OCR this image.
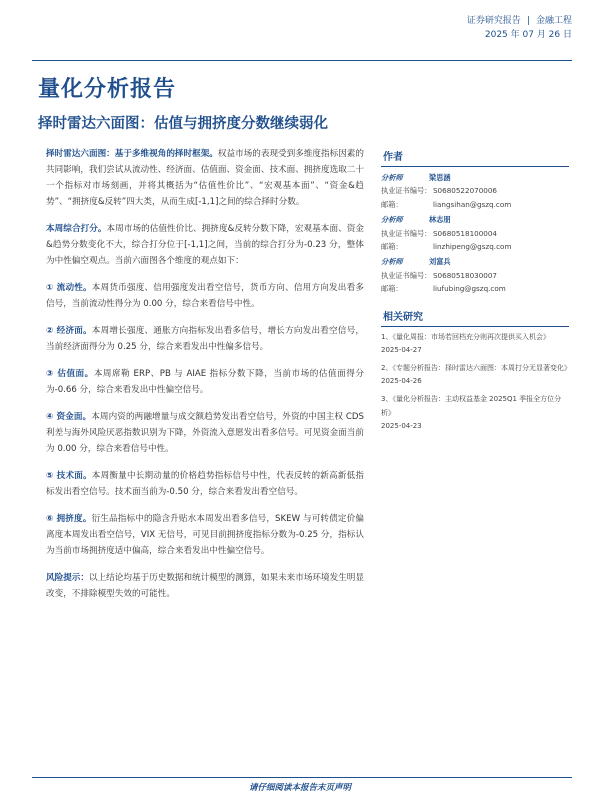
证券研究报告 | 金融工程
2025 年 07 月 26 日
量化分析报告
择时雷达六面图：估值与拥挤度分数继续弱化

择时雷达六面图：基于多维视角的择时框架。权益市场的表现受到多维度指标因素的共同影响，我们尝试从流动性、经济面、估值面、资金面、技术面、拥挤度选取二十一个指标对市场刻画，并将其概括为“估值性价比”、“宏观基本面”、“资金&趋势”、“拥挤度&反转”四大类，从而生成[-1,1]之间的综合择时分数。

本周综合打分。本周市场的估值性价比、拥挤度&反转分数下降，宏观基本面、资金&趋势分数变化不大，综合打分位于[-1,1]之间，当前的综合打分为-0.23 分，整体为中性偏空观点。当前六面图各个维度的观点如下：

① 流动性。本周货币强度、信用强度发出看空信号，货币方向、信用方向发出看多信号，当前流动性得分为 0.00 分，综合来看信号中性。

② 经济面。本周增长强度、通胀方向指标发出看多信号，增长方向发出看空信号，当前经济面得分为 0.25 分，综合来看发出中性偏多信号。

③ 估值面。本周席勒 ERP、PB 与 AIAE 指标分数下降，当前市场的估值面得分为-0.66 分，综合来看发出中性偏空信号。

④ 资金面。本周内资的两融增量与成交额趋势发出看空信号，外资的中国主权 CDS 利差与海外风险厌恶指数识别为下降，外资流入意愿发出看多信号。可见资金面当前为 0.00 分，综合来看信号中性。

⑤ 技术面。本周衡量中长期动量的价格趋势指标信号中性，代表反转的新高新低指标发出看空信号。技术面当前为-0.50 分，综合来看发出看空信号。

⑥ 拥挤度。衍生品指标中的隐含升贴水本周发出看多信号，SKEW 与可转债定价偏离度本周发出看空信号，VIX 无信号，可见目前拥挤度指标分数为-0.25 分，指标认为当前市场拥挤度适中偏高，综合来看发出中性偏空信号。

风险提示：以上结论均基于历史数据和统计模型的测算，如果未来市场环境发生明显改变，不排除模型失效的可能性。

作者
分析师	梁思涵
执业证书编号： S0680522070006
邮箱：	liangsihan@gszq.com
分析师	林志朋
执业证书编号： S0680518100004
邮箱：	linzhipeng@gszq.com
分析师	刘富兵
执业证书编号： S0680518030007
邮箱：	liufubing@gszq.com
相关研究
1、《量化周报：市场若回档充分则再次提供买入机会》
2025-04-27
2、《专题分析报告：择时雷达六面图：本周打分无显著变化》
2025-04-26
3、《量化分析报告：主动权益基金 2025Q1 季报全方位分析》
2025-04-23
请仔细阅读本报告末页声明
